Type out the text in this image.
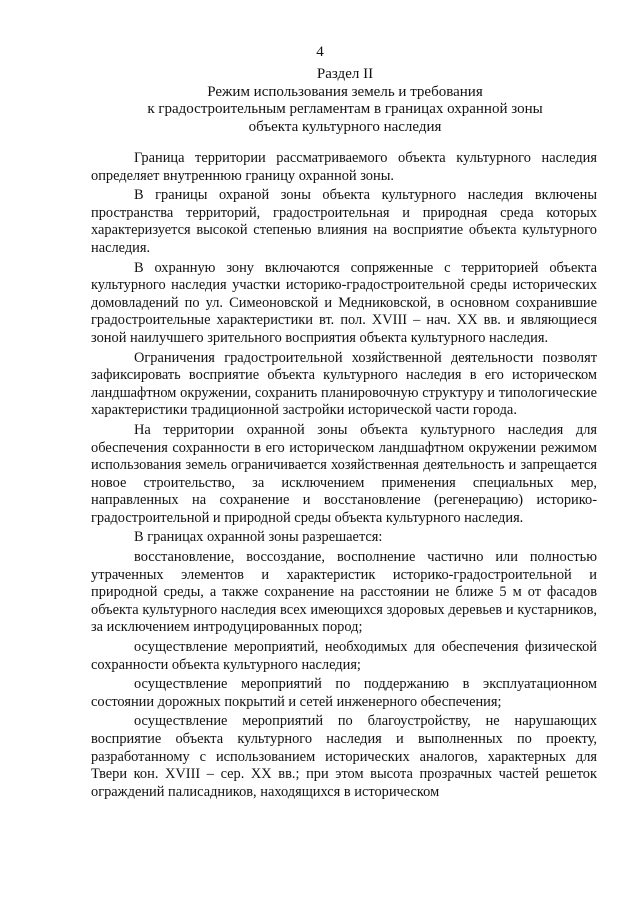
4
Раздел II
Режим использования земель и требования
к градостроительным регламентам в границах охранной зоны
объекта культурного наследия

Граница территории рассматриваемого объекта культурного наследия определяет внутреннюю границу охранной зоны.

В границы охраной зоны объекта культурного наследия включены пространства территорий, градостроительная и природная среда которых характеризуется высокой степенью влияния на восприятие объекта культурного наследия.

В охранную зону включаются сопряженные с территорией объекта культурного наследия участки историко-градостроительной среды исторических домовладений по ул. Симеоновской и Медниковской, в основном сохранившие градостроительные характеристики вт. пол. XVIII – нач. XX вв. и являющиеся зоной наилучшего зрительного восприятия объекта культурного наследия.

Ограничения градостроительной хозяйственной деятельности позволят зафиксировать восприятие объекта культурного наследия в его историческом ландшафтном окружении, сохранить планировочную структуру и типологические характеристики традиционной застройки исторической части города.

На территории охранной зоны объекта культурного наследия для обеспечения сохранности в его историческом ландшафтном окружении режимом использования земель ограничивается хозяйственная деятельность и запрещается новое строительство, за исключением применения специальных мер, направленных на сохранение и восстановление (регенерацию) историко-градостроительной и природной среды объекта культурного наследия.

В границах охранной зоны разрешается:

восстановление, воссоздание, восполнение частично или полностью утраченных элементов и характеристик историко-градостроительной и природной среды, а также сохранение на расстоянии не ближе 5 м от фасадов объекта культурного наследия всех имеющихся здоровых деревьев и кустарников, за исключением интродуцированных пород;

осуществление мероприятий, необходимых для обеспечения физической сохранности объекта культурного наследия;

осуществление мероприятий по поддержанию в эксплуатационном состоянии дорожных покрытий и сетей инженерного обеспечения;

осуществление мероприятий по благоустройству, не нарушающих восприятие объекта культурного наследия и выполненных по проекту, разработанному с использованием исторических аналогов, характерных для Твери кон. XVIII – сер. XX вв.; при этом высота прозрачных частей решеток ограждений палисадников, находящихся в историческом
